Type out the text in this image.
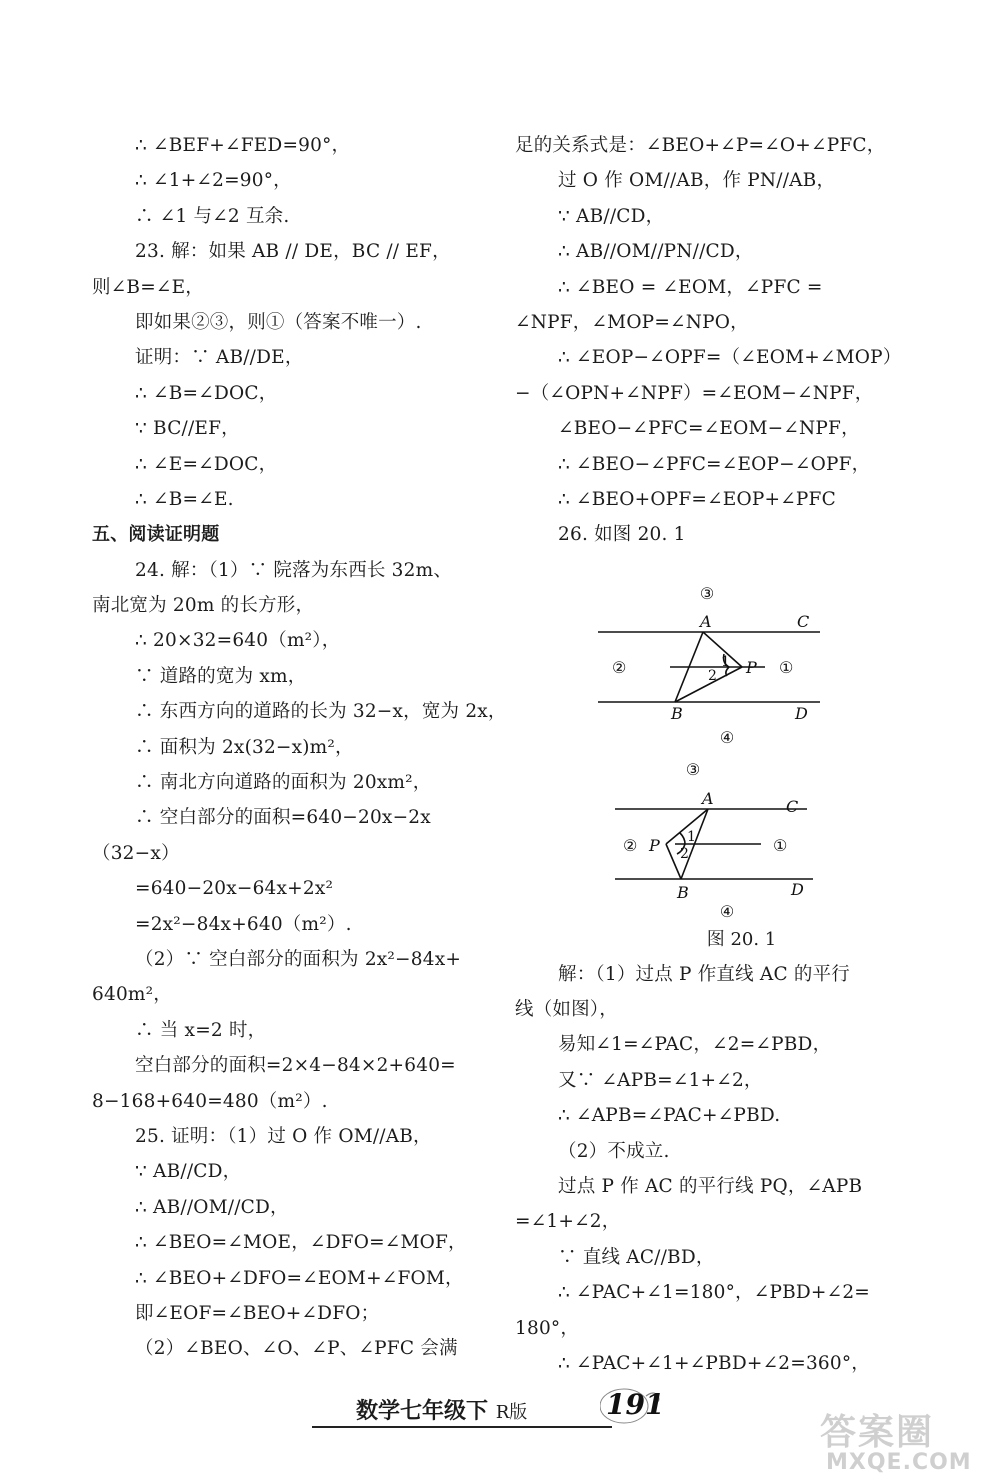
∴ ∠BEF+∠FED=90°，
∴ ∠1+∠2=90°，
∴ ∠1 与∠2 互余.
23. 解：如果 AB // DE，BC // EF，
则∠B=∠E，
即如果②③，则①（答案不唯一）.
证明：∵ AB//DE，
∴ ∠B=∠DOC，
∵ BC//EF，
∴ ∠E=∠DOC，
∴ ∠B=∠E.
五、阅读证明题
24. 解：（1）∵ 院落为东西长 32m、
南北宽为 20m 的长方形，
∴ 20×32=640（m²），
∵ 道路的宽为 xm，
∴ 东西方向的道路的长为 32−x，宽为 2x，
∴ 面积为 2x(32−x)m²，
∴ 南北方向道路的面积为 20xm²，
∴ 空白部分的面积=640−20x−2x
（32−x）
=640−20x−64x+2x²
=2x²−84x+640（m²）.
（2）∵ 空白部分的面积为 2x²−84x+
640m²，
∴ 当 x=2 时，
空白部分的面积=2×4−84×2+640=
8−168+640=480（m²）.
25. 证明：（1）过 O 作 OM//AB，
∵ AB//CD，
∴ AB//OM//CD，
∴ ∠BEO=∠MOE，∠DFO=∠MOF，
∴ ∠BEO+∠DFO=∠EOM+∠FOM，
即∠EOF=∠BEO+∠DFO；
（2）∠BEO、∠O、∠P、∠PFC 会满
足的关系式是：∠BEO+∠P=∠O+∠PFC，
过 O 作 OM//AB，作 PN//AB，
∵ AB//CD，
∴ AB//OM//PN//CD，
∴ ∠BEO = ∠EOM，∠PFC =
∠NPF，∠MOP=∠NPO，
∴ ∠EOP−∠OPF=（∠EOM+∠MOP）
−（∠OPN+∠NPF）=∠EOM−∠NPF，
∠BEO−∠PFC=∠EOM−∠NPF，
∴ ∠BEO−∠PFC=∠EOP−∠OPF，
∴ ∠BEO+OPF=∠EOP+∠PFC
26. 如图 20. 1
③
A	C
②	1
2 P ①
B	D
④
③
A	C
② P 1
2	①
B	D
④
图 20. 1
解：（1）过点 P 作直线 AC 的平行
线（如图），
易知∠1=∠PAC，∠2=∠PBD，
又∵ ∠APB=∠1+∠2，
∴ ∠APB=∠PAC+∠PBD.
（2）不成立.
过点 P 作 AC 的平行线 PQ，∠APB
=∠1+∠2，
∵ 直线 AC//BD，
∴ ∠PAC+∠1=180°，∠PBD+∠2=
180°，
∴ ∠PAC+∠1+∠PBD+∠2=360°，
数学七年级下 R版	191
答案圈
MXQE.COM
